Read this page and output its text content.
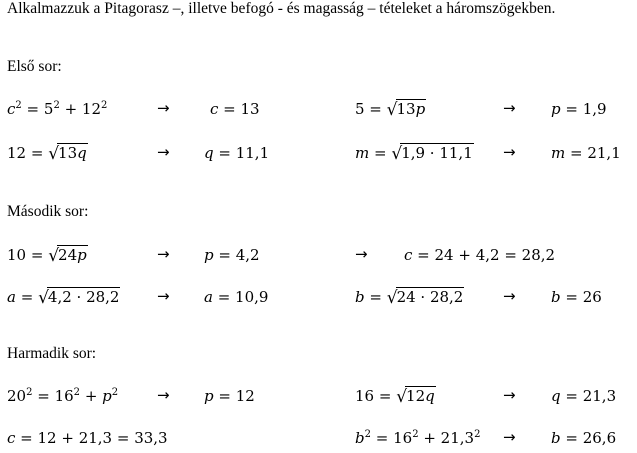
Alkalmazzuk a Pitagorasz –, illetve befogó - és magasság – tételeket a háromszögekben.
Első sor:
$c^2 = 5^2 + 12^2$	→	c = 13	5 = √13p	→ p = 1,9
12 = √13q	→ q = 11,1	m = √1,9 · 11,1 → m = 21,1
Második sor:
10 = √24p	→ p = 4,2	→ c = 24 + 4,2 = 28,2
a = √4,2 · 28,2	→ a = 10,9	b = √24 · 28,2	→ b = 26
Harmadik sor:
$20^2 = 16^2 + p^2$	→ p = 12	16 = √12q	→ q = 21,3
c = 12 + 21,3 = 33,3	$b^2 = 16^2 + 21,3^2 \to b = 26,6$
